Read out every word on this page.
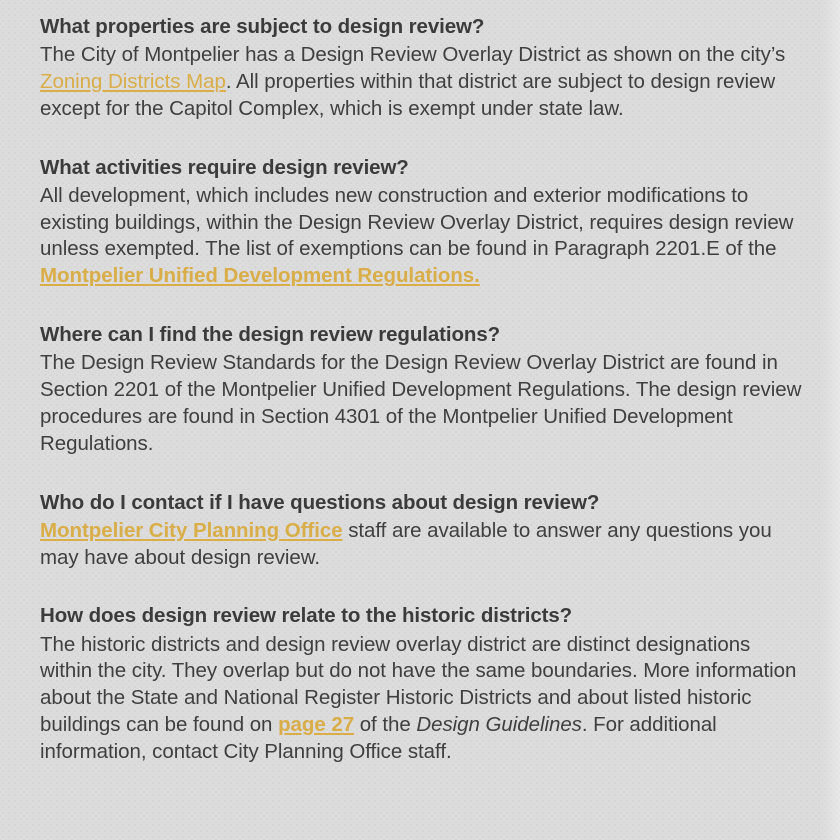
What properties are subject to design review?

The City of Montpelier has a Design Review Overlay District as shown on the city’s Zoning Districts Map. All properties within that district are subject to design review except for the Capitol Complex, which is exempt under state law.

What activities require design review?

All development, which includes new construction and exterior modifications to existing buildings, within the Design Review Overlay District, requires design review unless exempted. The list of exemptions can be found in Paragraph 2201.E of the Montpelier Unified Development Regulations.

Where can I find the design review regulations?

The Design Review Standards for the Design Review Overlay District are found in Section 2201 of the Montpelier Unified Development Regulations. The design review procedures are found in Section 4301 of the Montpelier Unified Development Regulations.

Who do I contact if I have questions about design review?

Montpelier City Planning Office staff are available to answer any questions you may have about design review.

How does design review relate to the historic districts?

The historic districts and design review overlay district are distinct designations within the city. They overlap but do not have the same boundaries. More information about the State and National Register Historic Districts and about listed historic buildings can be found on page 27 of the Design Guidelines. For additional information, contact City Planning Office staff.
